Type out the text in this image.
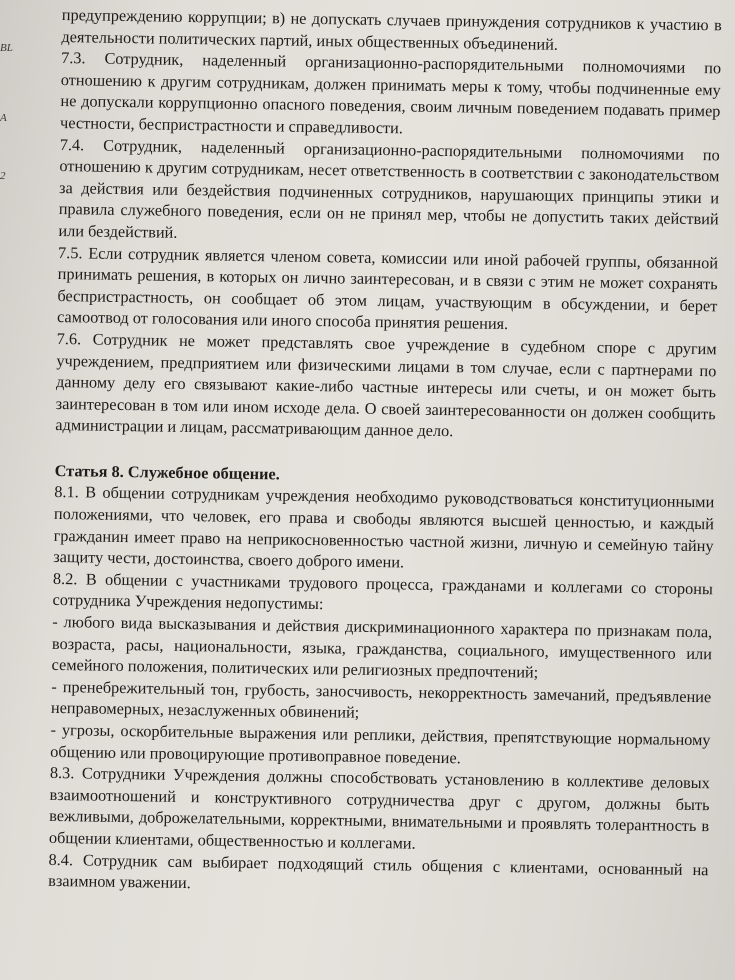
BL
A
2

предупреждению коррупции; в) не допускать случаев принуждения сотрудников к участию в деятельности политических партий, иных общественных объединений.

7.3. Сотрудник, наделенный организационно-распорядительными полномочиями по отношению к другим сотрудникам, должен принимать меры к тому, чтобы подчиненные ему не допускали коррупционно опасного поведения, своим личным поведением подавать пример честности, беспристрастности и справедливости.

7.4. Сотрудник, наделенный организационно-распорядительными полномочиями по отношению к другим сотрудникам, несет ответственность в соответствии с законодательством за действия или бездействия подчиненных сотрудников, нарушающих принципы этики и правила служебного поведения, если он не принял мер, чтобы не допустить таких действий или бездействий.

7.5. Если сотрудник является членом совета, комиссии или иной рабочей группы, обязанной принимать решения, в которых он лично заинтересован, и в связи с этим не может сохранять беспристрастность, он сообщает об этом лицам, участвующим в обсуждении, и берет самоотвод от голосования или иного способа принятия решения.

7.6. Сотрудник не может представлять свое учреждение в судебном споре с другим учреждением, предприятием или физическими лицами в том случае, если с партнерами по данному делу его связывают какие-либо частные интересы или счеты, и он может быть заинтересован в том или ином исходе дела. О своей заинтересованности он должен сообщить администрации и лицам, рассматривающим данное дело.

Статья 8. Служебное общение.

8.1. В общении сотрудникам учреждения необходимо руководствоваться конституционными положениями, что человек, его права и свободы являются высшей ценностью, и каждый гражданин имеет право на неприкосновенностью частной жизни, личную и семейную тайну защиту чести, достоинства, своего доброго имени.

8.2. В общении с участниками трудового процесса, гражданами и коллегами со стороны сотрудника Учреждения недопустимы:

- любого вида высказывания и действия дискриминационного характера по признакам пола, возраста, расы, национальности, языка, гражданства, социального, имущественного или семейного положения, политических или религиозных предпочтений;

- пренебрежительный тон, грубость, заносчивость, некорректность замечаний, предъявление неправомерных, незаслуженных обвинений;

- угрозы, оскорбительные выражения или реплики, действия, препятствующие нормальному общению или провоцирующие противоправное поведение.

8.3. Сотрудники Учреждения должны способствовать установлению в коллективе деловых взаимоотношений и конструктивного сотрудничества друг с другом, должны быть вежливыми, доброжелательными, корректными, внимательными и проявлять толерантность в общении клиентами, общественностью и коллегами.

8.4. Сотрудник сам выбирает подходящий стиль общения с клиентами, основанный на взаимном уважении.
